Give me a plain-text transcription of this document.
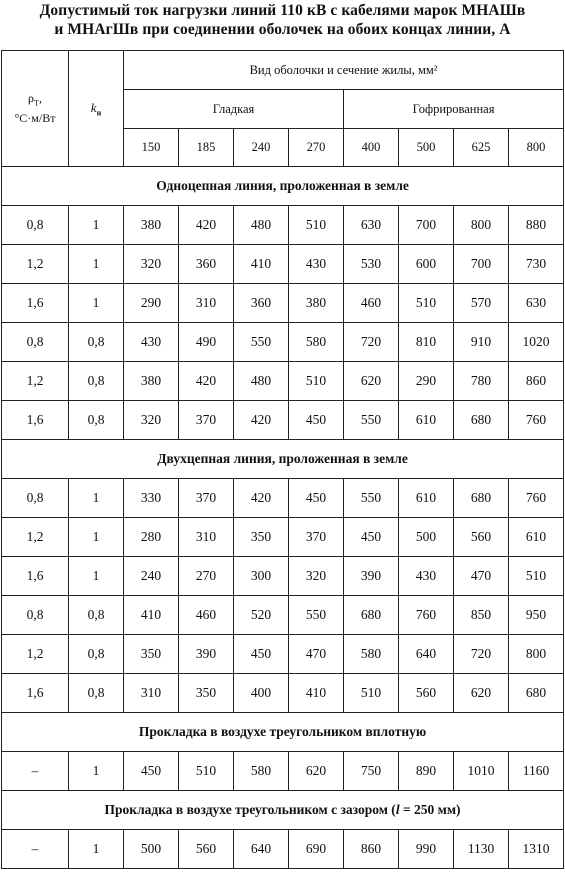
Допустимый ток нагрузки линий 110 кВ с кабелями марок МНАШв
и МНАгШв при соединении оболочек на обоих концах линии, А
$\rho_T$,
°С·м/Вт	$k_н$	Вид оболочки и сечение жилы, мм²							
		Гладкая				Гофрированная			
		150	185	240	270	400	500	625	800
Одноцепная линия, проложенная в земле									
0,8	1	380	420	480	510	630	700	800	880
1,2	1	320	360	410	430	530	600	700	730
1,6	1	290	310	360	380	460	510	570	630
0,8	0,8	430	490	550	580	720	810	910	1020
1,2	0,8	380	420	480	510	620	290	780	860
1,6	0,8	320	370	420	450	550	610	680	760
Двухцепная линия, проложенная в земле									
0,8	1	330	370	420	450	550	610	680	760
1,2	1	280	310	350	370	450	500	560	610
1,6	1	240	270	300	320	390	430	470	510
0,8	0,8	410	460	520	550	680	760	850	950
1,2	0,8	350	390	450	470	580	640	720	800
1,6	0,8	310	350	400	410	510	560	620	680
Прокладка в воздухе треугольником вплотную									
–	1	450	510	580	620	750	890	1010	1160
Прокладка в воздухе треугольником с зазором (l = 250 мм)									
–	1	500	560	640	690	860	990	1130	1310
